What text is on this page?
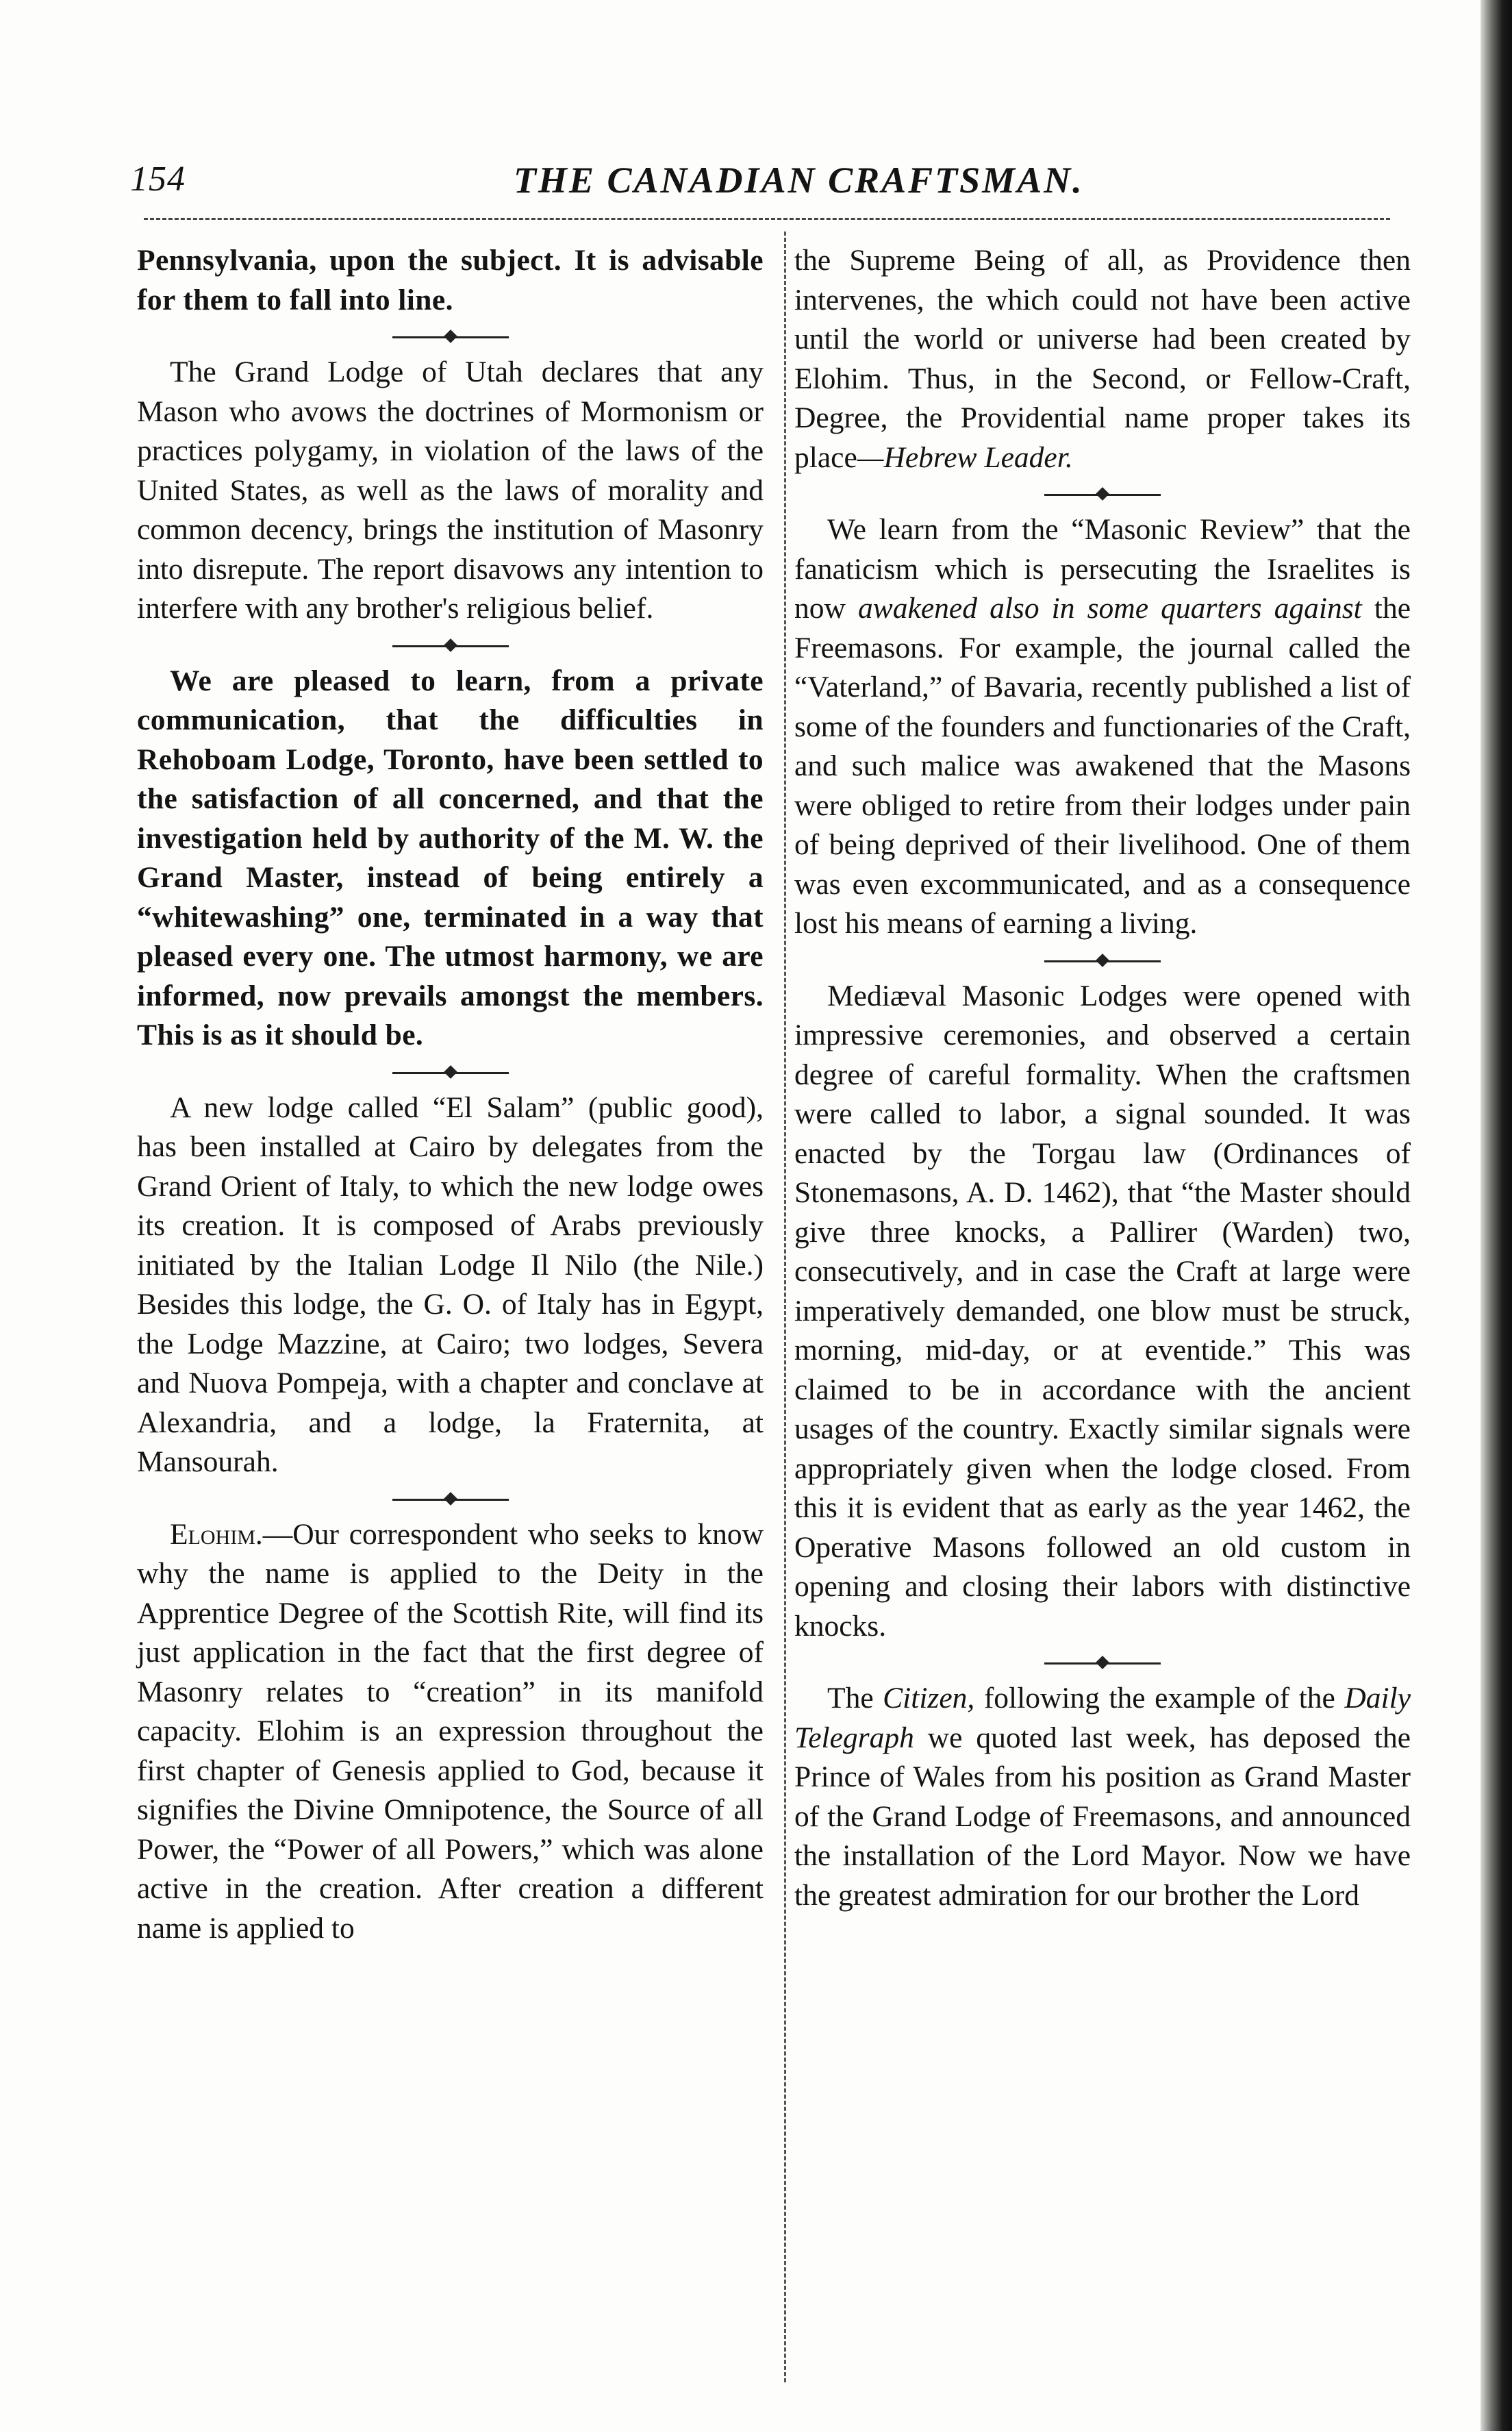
154	THE CANADIAN CRAFTSMAN.

Pennsylvania, upon the subject. It is advisable for them to fall into line.

The Grand Lodge of Utah declares that any Mason who avows the doctrines of Mormonism or practices polygamy, in violation of the laws of the United States, as well as the laws of morality and common decency, brings the institution of Masonry into disrepute. The report disavows any intention to interfere with any brother's religious belief.

We are pleased to learn, from a private communication, that the difficulties in Rehoboam Lodge, Toronto, have been settled to the satisfaction of all concerned, and that the investigation held by authority of the M. W. the Grand Master, instead of being entirely a “whitewashing” one, terminated in a way that pleased every one. The utmost harmony, we are informed, now prevails amongst the members. This is as it should be.

A new lodge called “El Salam” (public good), has been installed at Cairo by delegates from the Grand Orient of Italy, to which the new lodge owes its creation. It is composed of Arabs previously initiated by the Italian Lodge Il Nilo (the Nile.) Besides this lodge, the G. O. of Italy has in Egypt, the Lodge Mazzine, at Cairo; two lodges, Severa and Nuova Pompeja, with a chapter and conclave at Alexandria, and a lodge, la Fraternita, at Mansourah.

Elohim.—Our correspondent who seeks to know why the name is applied to the Deity in the Apprentice Degree of the Scottish Rite, will find its just application in the fact that the first degree of Masonry relates to “creation” in its manifold capacity. Elohim is an expression throughout the first chapter of Genesis applied to God, because it signifies the Divine Omnipotence, the Source of all Power, the “Power of all Powers,” which was alone active in the creation. After creation a different name is applied to

the Supreme Being of all, as Providence then intervenes, the which could not have been active until the world or universe had been created by Elohim. Thus, in the Second, or Fellow-Craft, Degree, the Providential name proper takes its place—Hebrew Leader.

We learn from the “Masonic Review” that the fanaticism which is persecuting the Israelites is now awakened also in some quarters against the Freemasons. For example, the journal called the “Vaterland,” of Bavaria, recently published a list of some of the founders and functionaries of the Craft, and such malice was awakened that the Masons were obliged to retire from their lodges under pain of being deprived of their livelihood. One of them was even excommunicated, and as a consequence lost his means of earning a living.

Mediæval Masonic Lodges were opened with impressive ceremonies, and observed a certain degree of careful formality. When the craftsmen were called to labor, a signal sounded. It was enacted by the Torgau law (Ordinances of Stonemasons, A. D. 1462), that “the Master should give three knocks, a Pallirer (Warden) two, consecutively, and in case the Craft at large were imperatively demanded, one blow must be struck, morning, mid-day, or at eventide.” This was claimed to be in accordance with the ancient usages of the country. Exactly similar signals were appropriately given when the lodge closed. From this it is evident that as early as the year 1462, the Operative Masons followed an old custom in opening and closing their labors with distinctive knocks.

The Citizen, following the example of the Daily Telegraph we quoted last week, has deposed the Prince of Wales from his position as Grand Master of the Grand Lodge of Freemasons, and announced the installation of the Lord Mayor. Now we have the greatest admiration for our brother the Lord
